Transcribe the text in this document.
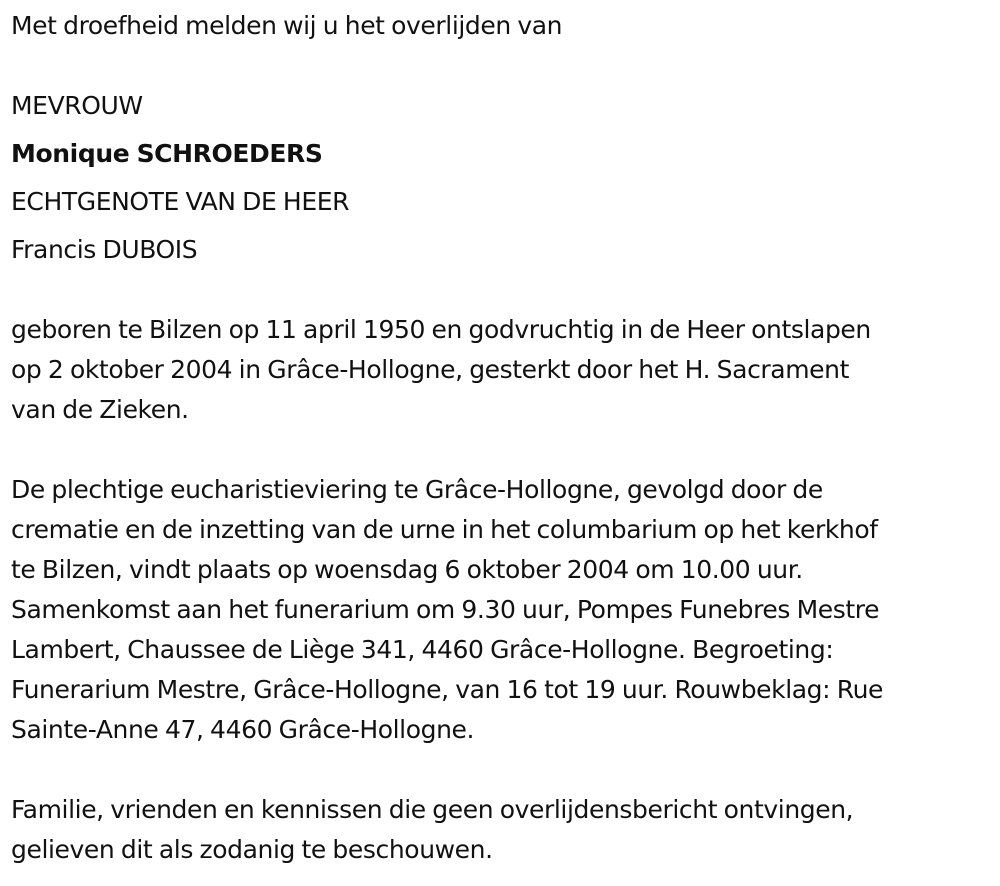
Met droefheid melden wij u het overlijden van
MEVROUW
Monique SCHROEDERS
ECHTGENOTE VAN DE HEER
Francis DUBOIS
geboren te Bilzen op 11 april 1950 en godvruchtig in de Heer ontslapen
op 2 oktober 2004 in Grâce-Hollogne, gesterkt door het H. Sacrament
van de Zieken.
De plechtige eucharistieviering te Grâce-Hollogne, gevolgd door de
crematie en de inzetting van de urne in het columbarium op het kerkhof
te Bilzen, vindt plaats op woensdag 6 oktober 2004 om 10.00 uur.
Samenkomst aan het funerarium om 9.30 uur, Pompes Funebres Mestre
Lambert, Chaussee de Liège 341, 4460 Grâce-Hollogne. Begroeting:
Funerarium Mestre, Grâce-Hollogne, van 16 tot 19 uur. Rouwbeklag: Rue
Sainte-Anne 47, 4460 Grâce-Hollogne.
Familie, vrienden en kennissen die geen overlijdensbericht ontvingen,
gelieven dit als zodanig te beschouwen.
